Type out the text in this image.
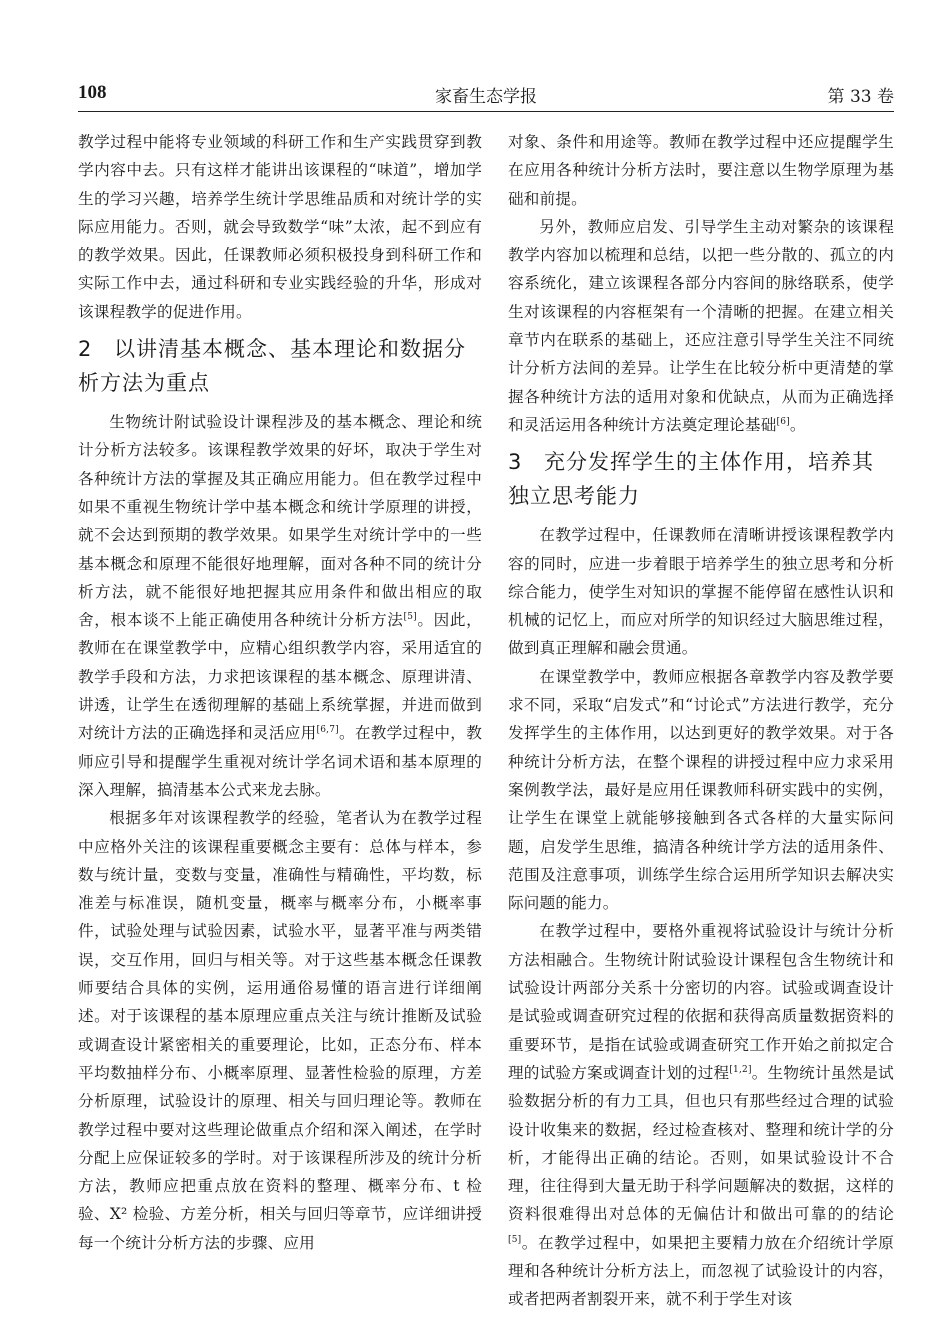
108	家畜生态学报	第 33 卷

教学过程中能将专业领域的科研工作和生产实践贯穿到教学内容中去。只有这样才能讲出该课程的“味道”，增加学生的学习兴趣，培养学生统计学思维品质和对统计学的实际应用能力。否则，就会导致数学“味”太浓，起不到应有的教学效果。因此，任课教师必须积极投身到科研工作和实际工作中去，通过科研和专业实践经验的升华，形成对该课程教学的促进作用。

2 以讲清基本概念、基本理论和数据分析方法为重点

生物统计附试验设计课程涉及的基本概念、理论和统计分析方法较多。该课程教学效果的好坏，取决于学生对各种统计方法的掌握及其正确应用能力。但在教学过程中如果不重视生物统计学中基本概念和统计学原理的讲授，就不会达到预期的教学效果。如果学生对统计学中的一些基本概念和原理不能很好地理解，面对各种不同的统计分析方法，就不能很好地把握其应用条件和做出相应的取舍，根本谈不上能正确使用各种统计分析方法[5]。因此，教师在在课堂教学中，应精心组织教学内容，采用适宜的教学手段和方法，力求把该课程的基本概念、原理讲清、讲透，让学生在透彻理解的基础上系统掌握，并进而做到对统计方法的正确选择和灵活应用[6,7]。在教学过程中，教师应引导和提醒学生重视对统计学名词术语和基本原理的深入理解，搞清基本公式来龙去脉。

根据多年对该课程教学的经验，笔者认为在教学过程中应格外关注的该课程重要概念主要有：总体与样本，参数与统计量，变数与变量，准确性与精确性，平均数，标准差与标准误，随机变量，概率与概率分布，小概率事件，试验处理与试验因素，试验水平，显著平准与两类错误，交互作用，回归与相关等。对于这些基本概念任课教师要结合具体的实例，运用通俗易懂的语言进行详细阐述。对于该课程的基本原理应重点关注与统计推断及试验或调查设计紧密相关的重要理论，比如，正态分布、样本平均数抽样分布、小概率原理、显著性检验的原理，方差分析原理，试验设计的原理、相关与回归理论等。教师在教学过程中要对这些理论做重点介绍和深入阐述，在学时分配上应保证较多的学时。对于该课程所涉及的统计分析方法，教师应把重点放在资料的整理、概率分布、t 检验、X² 检验、方差分析，相关与回归等章节，应详细讲授每一个统计分析方法的步骤、应用

对象、条件和用途等。教师在教学过程中还应提醒学生在应用各种统计分析方法时，要注意以生物学原理为基础和前提。

另外，教师应启发、引导学生主动对繁杂的该课程教学内容加以梳理和总结，以把一些分散的、孤立的内容系统化，建立该课程各部分内容间的脉络联系，使学生对该课程的内容框架有一个清晰的把握。在建立相关章节内在联系的基础上，还应注意引导学生关注不同统计分析方法间的差异。让学生在比较分析中更清楚的掌握各种统计方法的适用对象和优缺点，从而为正确选择和灵活运用各种统计方法奠定理论基础[6]。

3 充分发挥学生的主体作用，培养其独立思考能力

在教学过程中，任课教师在清晰讲授该课程教学内容的同时，应进一步着眼于培养学生的独立思考和分析综合能力，使学生对知识的掌握不能停留在感性认识和机械的记忆上，而应对所学的知识经过大脑思维过程，做到真正理解和融会贯通。

在课堂教学中，教师应根据各章教学内容及教学要求不同，采取“启发式”和“讨论式”方法进行教学，充分发挥学生的主体作用，以达到更好的教学效果。对于各种统计分析方法，在整个课程的讲授过程中应力求采用案例教学法，最好是应用任课教师科研实践中的实例，让学生在课堂上就能够接触到各式各样的大量实际问题，启发学生思维，搞清各种统计学方法的适用条件、范围及注意事项，训练学生综合运用所学知识去解决实际问题的能力。

在教学过程中，要格外重视将试验设计与统计分析方法相融合。生物统计附试验设计课程包含生物统计和试验设计两部分关系十分密切的内容。试验或调查设计是试验或调查研究过程的依据和获得高质量数据资料的重要环节，是指在试验或调查研究工作开始之前拟定合理的试验方案或调查计划的过程[1,2]。生物统计虽然是试验数据分析的有力工具，但也只有那些经过合理的试验设计收集来的数据，经过检查核对、整理和统计学的分析，才能得出正确的结论。否则，如果试验设计不合理，往往得到大量无助于科学问题解决的数据，这样的资料很难得出对总体的无偏估计和做出可靠的的结论[5]。在教学过程中，如果把主要精力放在介绍统计学原理和各种统计分析方法上，而忽视了试验设计的内容，或者把两者割裂开来，就不利于学生对该
